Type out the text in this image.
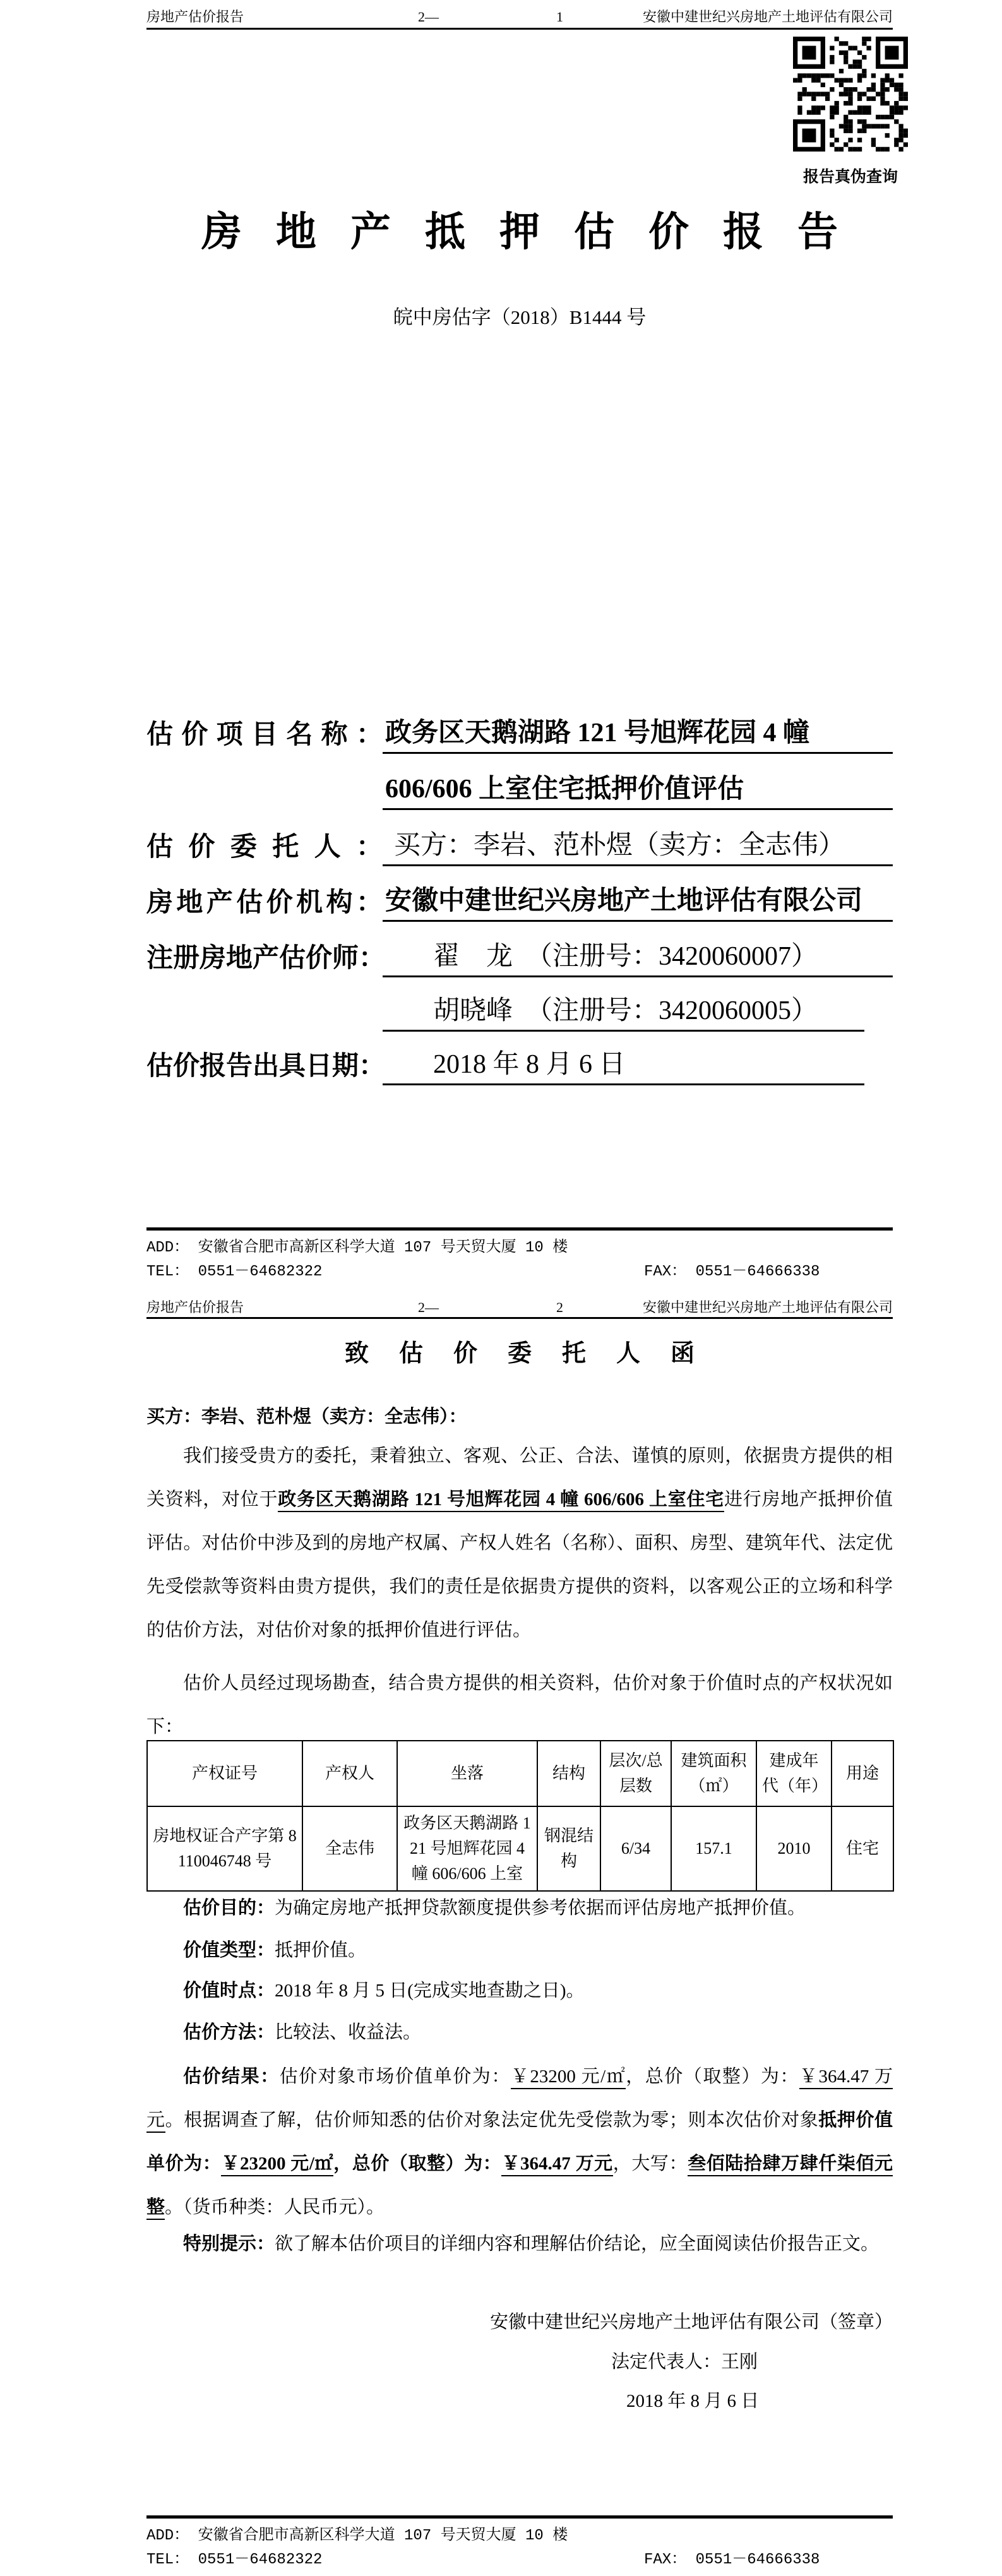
房地产估价报告	2—	1	安徽中建世纪兴房地产土地评估有限公司
报告真伪查询
房地产抵押估价报告
皖中房估字（2018）B1444 号
估价项目名称： 政务区天鹅湖路 121 号旭辉花园 4 幢
606/606 上室住宅抵押价值评估
估价委托人： 买方：李岩、范朴煜（卖方：全志伟）
房地产估价机构： 安徽中建世纪兴房地产土地评估有限公司
注册房地产估价师：	翟　龙　（注册号：3420060007）
胡晓峰　（注册号：3420060005）
估价报告出具日期：	2018 年 8 月 6 日
ADD： 安徽省合肥市高新区科学大道 107 号天贸大厦 10 楼
TEL： 0551－64682322	FAX： 0551－64666338
房地产估价报告	2—	2	安徽中建世纪兴房地产土地评估有限公司
致估价委托人函
买方：李岩、范朴煜（卖方：全志伟）：
我们接受贵方的委托，秉着独立、客观、公正、合法、谨慎的原则，依据贵方提供的相关资料，对位于政务区天鹅湖路 121 号旭辉花园 4 幢 606/606 上室住宅进行房地产抵押价值评估。对估价中涉及到的房地产权属、产权人姓名（名称）、面积、房型、建筑年代、法定优先受偿款等资料由贵方提供，我们的责任是依据贵方提供的资料，以客观公正的立场和科学的估价方法，对估价对象的抵押价值进行评估。
估价人员经过现场勘查，结合贵方提供的相关资料，估价对象于价值时点的产权状况如下：
产权证号	产权人	坐落	结构	层次/总层数	建筑面积（㎡）	建成年代（年）	用途
房地权证合产字第 8110046748 号	全志伟	政务区天鹅湖路 121 号旭辉花园 4 幢 606/606 上室	钢混结构	6/34	157.1	2010	住宅
估价目的：为确定房地产抵押贷款额度提供参考依据而评估房地产抵押价值。
价值类型：抵押价值。
价值时点：2018 年 8 月 5 日(完成实地查勘之日)。
估价方法：比较法、收益法。
估价结果：估价对象市场价值单价为：￥23200 元/㎡，总价（取整）为：￥364.47 万元。根据调查了解，估价师知悉的估价对象法定优先受偿款为零；则本次估价对象抵押价值单价为：￥23200 元/㎡，总价（取整）为：￥364.47 万元，大写：叁佰陆拾肆万肆仟柒佰元整。（货币种类：人民币元）。
特别提示：欲了解本估价项目的详细内容和理解估价结论，应全面阅读估价报告正文。
安徽中建世纪兴房地产土地评估有限公司（签章）
法定代表人：王刚
2018 年 8 月 6 日
ADD： 安徽省合肥市高新区科学大道 107 号天贸大厦 10 楼
TEL： 0551－64682322	FAX： 0551－64666338
